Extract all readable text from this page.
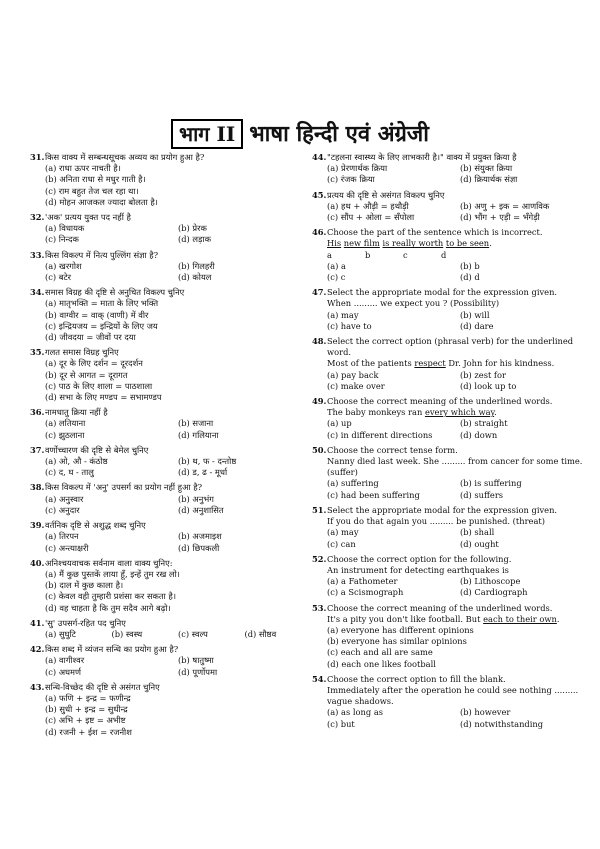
भाग II भाषा हिन्दी एवं अंग्रेजी
31. किस वाक्य में सम्बन्धसूचक अव्यय का प्रयोग हुआ है?
(a) राधा ऊपर नाचती है।
(b) अनिता राधा से मधुर गाती है।
(c) राम बहुत तेज चल रहा था।
(d) मोहन आजकल ज्यादा बोलता है।
32. 'अक' प्रत्यय युक्त पद नहीं है
(a) विधायक	(b) प्रेरक
(c) निन्दक	(d) लड़ाक
33. किस विकल्प में नित्य पुल्लिंग संज्ञा है?
(a) खरगोश	(b) गिलहरी
(c) बटेर	(d) कोयल
34. समास विग्रह की दृष्टि से अनुचित विकल्प चुनिए
(a) मातृभक्ति = माता के लिए भक्ति
(b) वाग्वीर = वाक् (वाणी) में वीर
(c) इन्द्रियजय = इन्द्रियों के लिए जय
(d) जीवदया = जीवों पर दया
35. गलत समास विग्रह चुनिए
(a) दूर के लिए दर्शन = दूरदर्शन
(b) दूर से आगत = दूरागत
(c) पाठ के लिए शाला = पाठशाला
(d) सभा के लिए मण्डप = सभामण्डप
36. नामधातु क्रिया नहीं है
(a) लतियाना	(b) सजाना
(c) झुठलाना	(d) गलियाना
37. वर्णोच्चारण की दृष्टि से बेमेल चुनिए
(a) ओ, औ - कंठोष्ठ	(b) थ, फ - दन्तोष्ठ
(c) द, घ - तालु	(d) ड, ढ - मूर्धा
38. किस विकल्प में 'अनु' उपसर्ग का प्रयोग नहीं हुआ है?
(a) अनुस्वार	(b) अनुभंग
(c) अनुदार	(d) अनुशासित
39. वर्तनिक दृष्टि से अशुद्ध शब्द चुनिए
(a) तिरपन	(b) अजमाइश
(c) अन्त्याक्षरी	(d) छिपकली
40. अनिश्चयवाचक सर्वनाम वाला वाक्य चुनिए:
(a) मैं कुछ पुस्तकें लाया हूँ, इन्हें तुम रख लो।
(b) दाल में कुछ काला है।
(c) केवल वही तुम्हारी प्रशंसा कर सकता है।
(d) वह चाहता है कि तुम सदैव आगे बढ़ो।
41. 'सु' उपसर्ग-रहित पद चुनिए
(a) सुघुटि	(b) स्वस्थ	(c) स्वल्प	(d) सौष्ठव
42. किस शब्द में व्यंजन सन्धि का प्रयोग हुआ है?
(a) वागीश्वर	(b) षातुष्मा
(c) अघमर्ण	(d) पूर्णोपमा
43. सन्धि-विच्छेद की दृष्टि से असंगत चुनिए
(a) फणि + इन्द्र = फणीन्द्र
(b) सुधी + इन्द्र = सुधीन्द्र
(c) अभि + इष्ट = अभीष्ट
(d) रजनी + ईश = रजनीश
44. "टहलना स्वास्थ्य के लिए लाभकारी है।" वाक्य में प्रयुक्त क्रिया है
(a) प्रेरणार्थक क्रिया	(b) संयुक्त क्रिया
(c) रंजक क्रिया	(d) क्रियार्थक संज्ञा
45. प्रत्यय की दृष्टि से असंगत विकल्प चुनिए
(a) हथ + औड़ी = हथौड़ी	(b) अणु + इक = आणविक
(c) सौंप + ओला = सँपोला	(d) भौंग + एड़ी = भँगेड़ी
46. Choose the part of the sentence which is incorrect.
His new film is really worth to be seen.
a	b	c	d
(a) a	(b) b
(c) c	(d) d
47. Select the appropriate modal for the expression given.
When ......... we expect you ? (Possibility)
(a) may	(b) will
(c) have to	(d) dare
48. Select the correct option (phrasal verb) for the underlined word.
Most of the patients respect Dr. John for his kindness.
(a) pay back	(b) zest for
(c) make over	(d) look up to
49. Choose the correct meaning of the underlined words.
The baby monkeys ran every which way.
(a) up	(b) straight
(c) in different directions	(d) down
50. Choose the correct tense form.
Nanny died last week. She ......... from cancer for some time. (suffer)
(a) suffering	(b) is suffering
(c) had been suffering	(d) suffers
51. Select the appropriate modal for the expression given.
If you do that again you ......... be punished. (threat)
(a) may	(b) shall
(c) can	(d) ought
52. Choose the correct option for the following.
An instrument for detecting earthquakes is
(a) a Fathometer	(b) Lithoscope
(c) a Scismograph	(d) Cardiograph
53. Choose the correct meaning of the underlined words.
It's a pity you don't like football. But each to their own.
(a) everyone has different opinions
(b) everyone has similar opinions
(c) each and all are same
(d) each one likes football
54. Choose the correct option to fill the blank.
Immediately after the operation he could see nothing ......... vague shadows.
(a) as long as	(b) however
(c) but	(d) notwithstanding
